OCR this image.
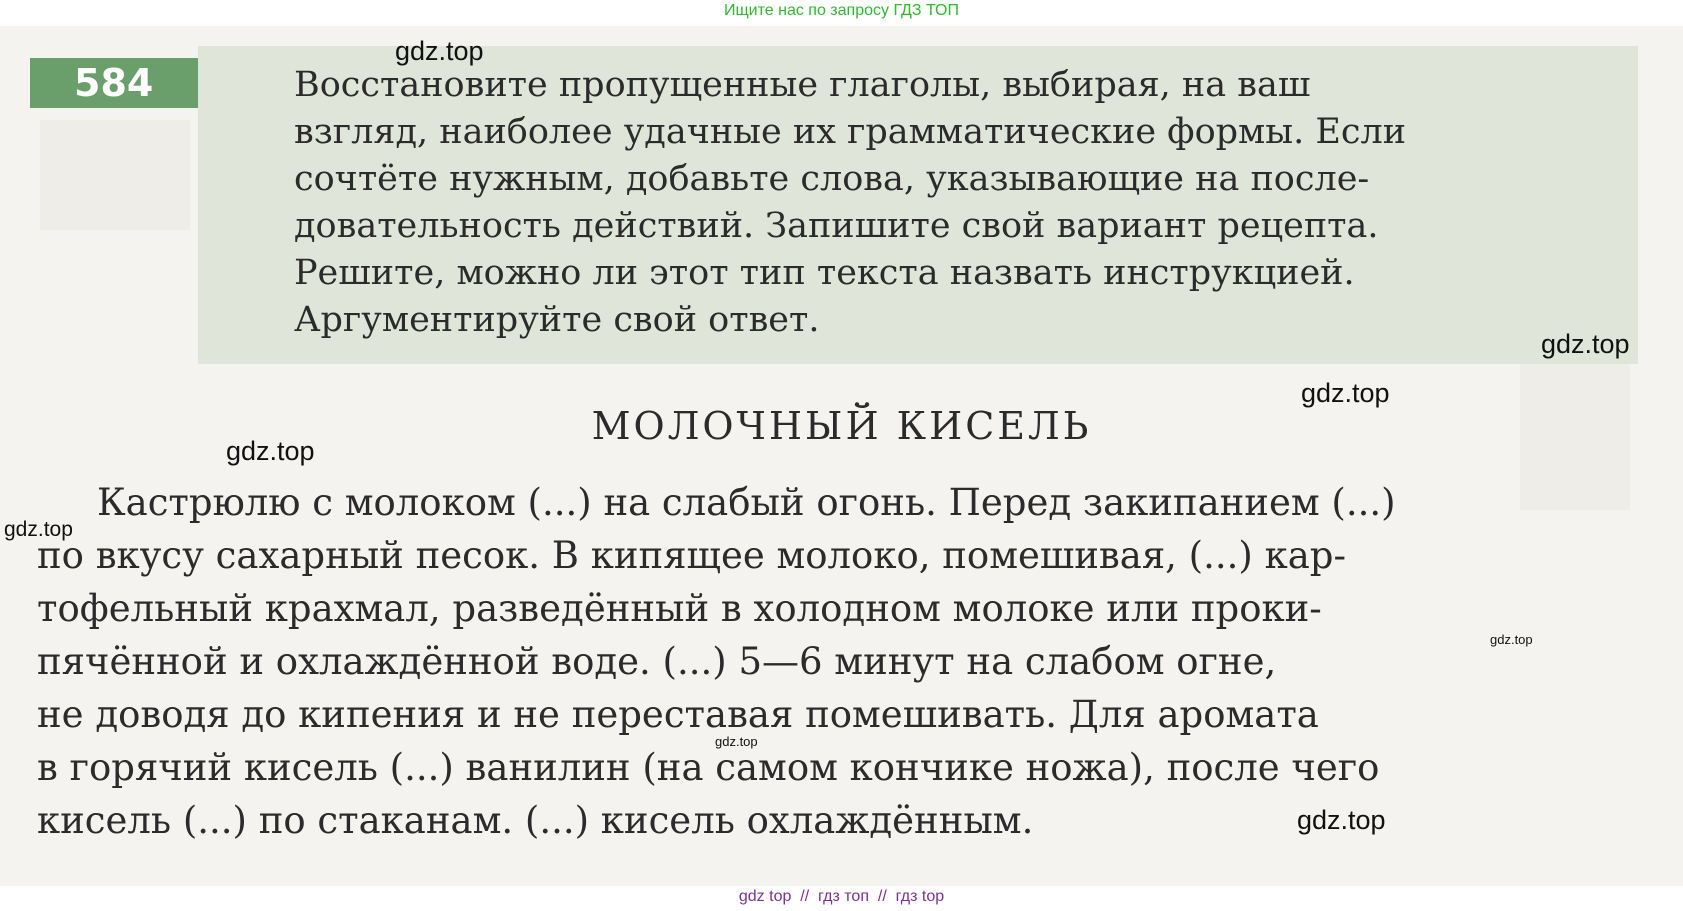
Ищите нас по запросу ГДЗ ТОП
584	Восстановите пропущенные глаголы, выбирая, на ваш
взгляд, наиболее удачные их грамматические формы. Если
сочтёте нужным, добавьте слова, указывающие на после-
довательность действий. Запишите свой вариант рецепта.
Решите, можно ли этот тип текста назвать инструкцией.
Аргументируйте свой ответ.
МОЛОЧНЫЙ КИСЕЛЬ
Кастрюлю с молоком (...) на слабый огонь. Перед закипанием (...)
по вкусу сахарный песок. В кипящее молоко, помешивая, (...) кар-
тофельный крахмал, разведённый в холодном молоке или проки-
пячённой и охлаждённой воде. (...) 5—6 минут на слабом огне,
не доводя до кипения и не переставая помешивать. Для аромата
в горячий кисель (...) ванилин (на самом кончике ножа), после чего
кисель (...) по стаканам. (...) кисель охлаждённым.
gdz.top
gdz.top
gdz.top
gdz.top
gdz.top
gdz.top
gdz.top
gdz.top
gdz top  //  гдз топ  //  гдз top
